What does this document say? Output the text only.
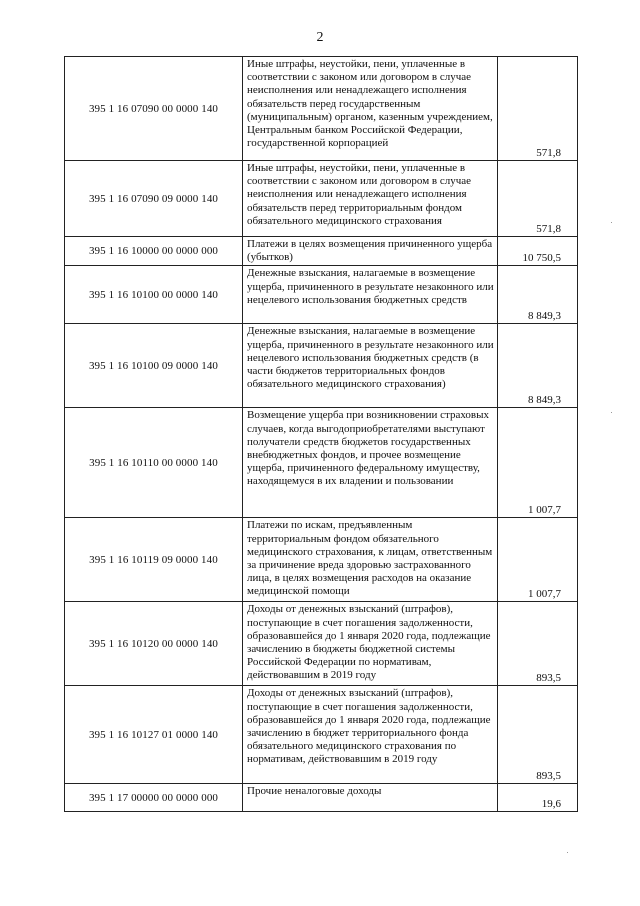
2
395 1 16 07090 00 0000 140	Иные штрафы, неустойки, пени, уплаченные в соответствии с законом или договором в случае неисполнения или ненадлежащего исполнения обязательств перед государственным (муниципальным) органом, казенным учреждением, Центральным банком Российской Федерации, государственной корпорацией	571,8
395 1 16 07090 09 0000 140	Иные штрафы, неустойки, пени, уплаченные в соответствии с законом или договором в случае неисполнения или ненадлежащего исполнения обязательств перед территориальным фондом обязательного медицинского страхования	571,8
395 1 16 10000 00 0000 000	Платежи в целях возмещения причиненного ущерба (убытков)	10 750,5
395 1 16 10100 00 0000 140	Денежные взыскания, налагаемые в возмещение ущерба, причиненного в результате незаконного или нецелевого использования бюджетных средств	8 849,3
395 1 16 10100 09 0000 140	Денежные взыскания, налагаемые в возмещение ущерба, причиненного в результате незаконного или нецелевого использования бюджетных средств (в части бюджетов территориальных фондов обязательного медицинского страхования)	8 849,3
395 1 16 10110 00 0000 140	Возмещение ущерба при возникновении страховых случаев, когда выгодоприобретателями выступают получатели средств бюджетов государственных внебюджетных фондов, и прочее возмещение ущерба, причиненного федеральному имуществу, находящемуся в их владении и пользовании	1 007,7
395 1 16 10119 09 0000 140	Платежи по искам, предъявленным территориальным фондом обязательного медицинского страхования, к лицам, ответственным за причинение вреда здоровью застрахованного лица, в целях возмещения расходов на оказание медицинской помощи	1 007,7
395 1 16 10120 00 0000 140	Доходы от денежных взысканий (штрафов), поступающие в счет погашения задолженности, образовавшейся до 1 января 2020 года, подлежащие зачислению в бюджеты бюджетной системы Российской Федерации по нормативам, действовавшим в 2019 году	893,5
395 1 16 10127 01 0000 140	Доходы от денежных взысканий (штрафов), поступающие в счет погашения задолженности, образовавшейся до 1 января 2020 года, подлежащие зачислению в бюджет территориального фонда обязательного медицинского страхования по нормативам, действовавшим в 2019 году	893,5
395 1 17 00000 00 0000 000	Прочие неналоговые доходы	19,6
